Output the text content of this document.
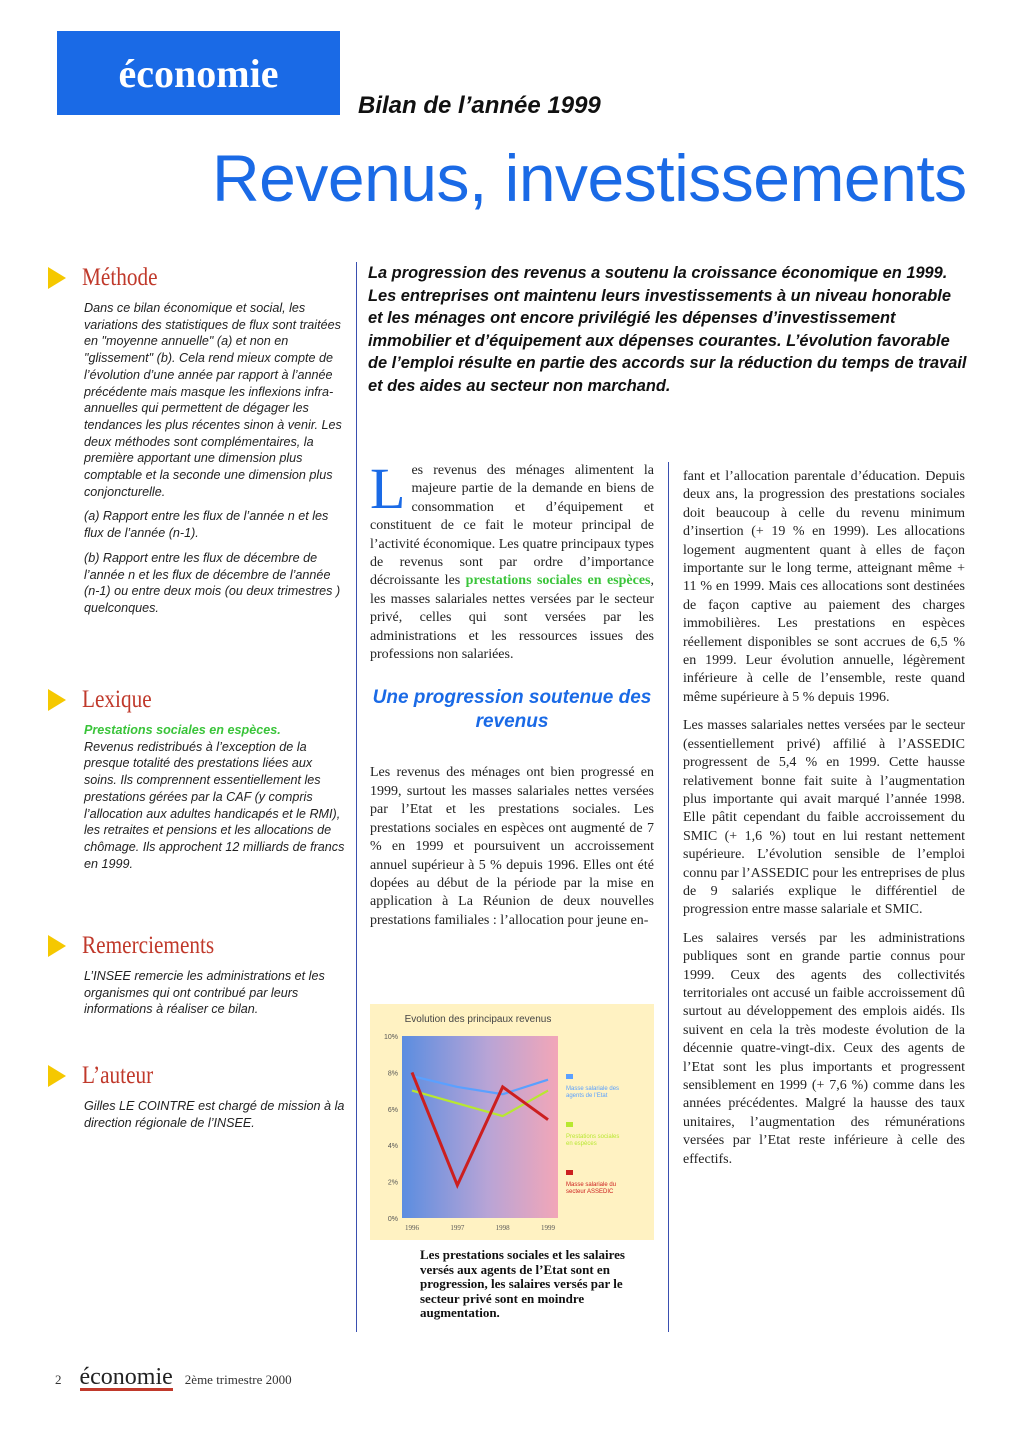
économie
Bilan de l’année 1999
Revenus, investissements
Méthode

Dans ce bilan économique et social, les variations des statistiques de flux sont traitées en "moyenne annuelle" (a) et non en "glissement" (b). Cela rend mieux compte de l’évolution d’une année par rapport à l’année précédente mais masque les inflexions infra-annuelles qui permettent de dégager les tendances les plus récentes sinon à venir. Les deux méthodes sont complémentaires, la première apportant une dimension plus comptable et la seconde une dimension plus conjoncturelle.

(a) Rapport entre les flux de l’année n et les flux de l’année (n-1).

(b) Rapport entre les flux de décembre de l’année n et les flux de décembre de l’année (n-1) ou entre deux mois (ou deux trimestres ) quelconques.

Lexique
Prestations sociales en espèces.
Revenus redistribués à l’exception de la presque totalité des prestations liées aux soins. Ils comprennent essentiellement les prestations gérées par la CAF (y compris l’allocation aux adultes handicapés et le RMI), les retraites et pensions et les allocations de chômage. Ils approchent 12 milliards de francs en 1999.
Remerciements
L’INSEE remercie les administrations et les organismes qui ont contribué par leurs informations à réaliser ce bilan.
L’auteur
Gilles LE COINTRE est chargé de mission à la direction régionale de l’INSEE.
La progression des revenus a soutenu la croissance économique en 1999. Les entreprises ont maintenu leurs investissements à un niveau honorable et les ménages ont encore privilégié les dépenses d’investissement immobilier et d’équipement aux dépenses courantes. L’évolution favorable de l’emploi résulte en partie des accords sur la réduction du temps de travail et des aides au secteur non marchand.

Les revenus des ménages alimentent la majeure partie de la demande en biens de consommation et d’équipement et constituent de ce fait le moteur principal de l’activité économique. Les quatre principaux types de revenus sont par ordre d’importance décroissante les prestations sociales en espèces, les masses salariales nettes versées par le secteur privé, celles qui sont versées par les administrations et les ressources issues des professions non salariées.

Une progression soutenue des revenus

Les revenus des ménages ont bien progressé en 1999, surtout les masses salariales nettes versées par l’Etat et les prestations sociales. Les prestations sociales en espèces ont augmenté de 7 % en 1999 et poursuivent un accroissement annuel supérieur à 5 % depuis 1996. Elles ont été dopées au début de la période par la mise en application à La Réunion de deux nouvelles prestations familiales : l’allocation pour jeune en-

fant et l’allocation parentale d’éducation. Depuis deux ans, la progression des prestations sociales doit beaucoup à celle du revenu minimum d’insertion (+ 19 % en 1999). Les allocations logement augmentent quant à elles de façon importante sur le long terme, atteignant même + 11 % en 1999. Mais ces allocations sont destinées de façon captive au paiement des charges immobilières. Les prestations en espèces réellement disponibles se sont accrues de 6,5 % en 1999. Leur évolution annuelle, légèrement inférieure à celle de l’ensemble, reste quand même supérieure à 5 % depuis 1996.

Les masses salariales nettes versées par le secteur (essentiellement privé) affilié à l’ASSEDIC progressent de 5,4 % en 1999. Cette hausse relativement bonne fait suite à l’augmentation plus importante qui avait marqué l’année 1998. Elle pâtit cependant du faible accroissement du SMIC (+ 1,6 %) tout en lui restant nettement supérieure. L’évolution sensible de l’emploi connu par l’ASSEDIC pour les entreprises de plus de 9 salariés explique le différentiel de progression entre masse salariale et SMIC.

Les salaires versés par les administrations publiques sont en grande partie connus pour 1999. Ceux des agents des collectivités territoriales ont accusé un faible accroissement dû surtout au développement des emplois aidés. Ils suivent en cela la très modeste évolution de la décennie quatre-vingt-dix. Ceux des agents de l’Etat sont les plus importants et progressent sensiblement en 1999 (+ 7,6 %) comme dans les années précédentes. Malgré la hausse des taux unitaires, l’augmentation des rémunérations versées par l’Etat reste inférieure à celle des effectifs.

Evolution des principaux revenus
0%
2%
4%
6%
8%
10%
1996	1997	1998	1999
Masse salariale des agents de l’Etat
Prestations sociales en espèces
Masse salariale du secteur ASSEDIC
Les prestations sociales et les salaires versés aux agents de l’Etat sont en progression, les salaires versés par le secteur privé sont en moindre augmentation.
2 économie 2ème trimestre 2000
